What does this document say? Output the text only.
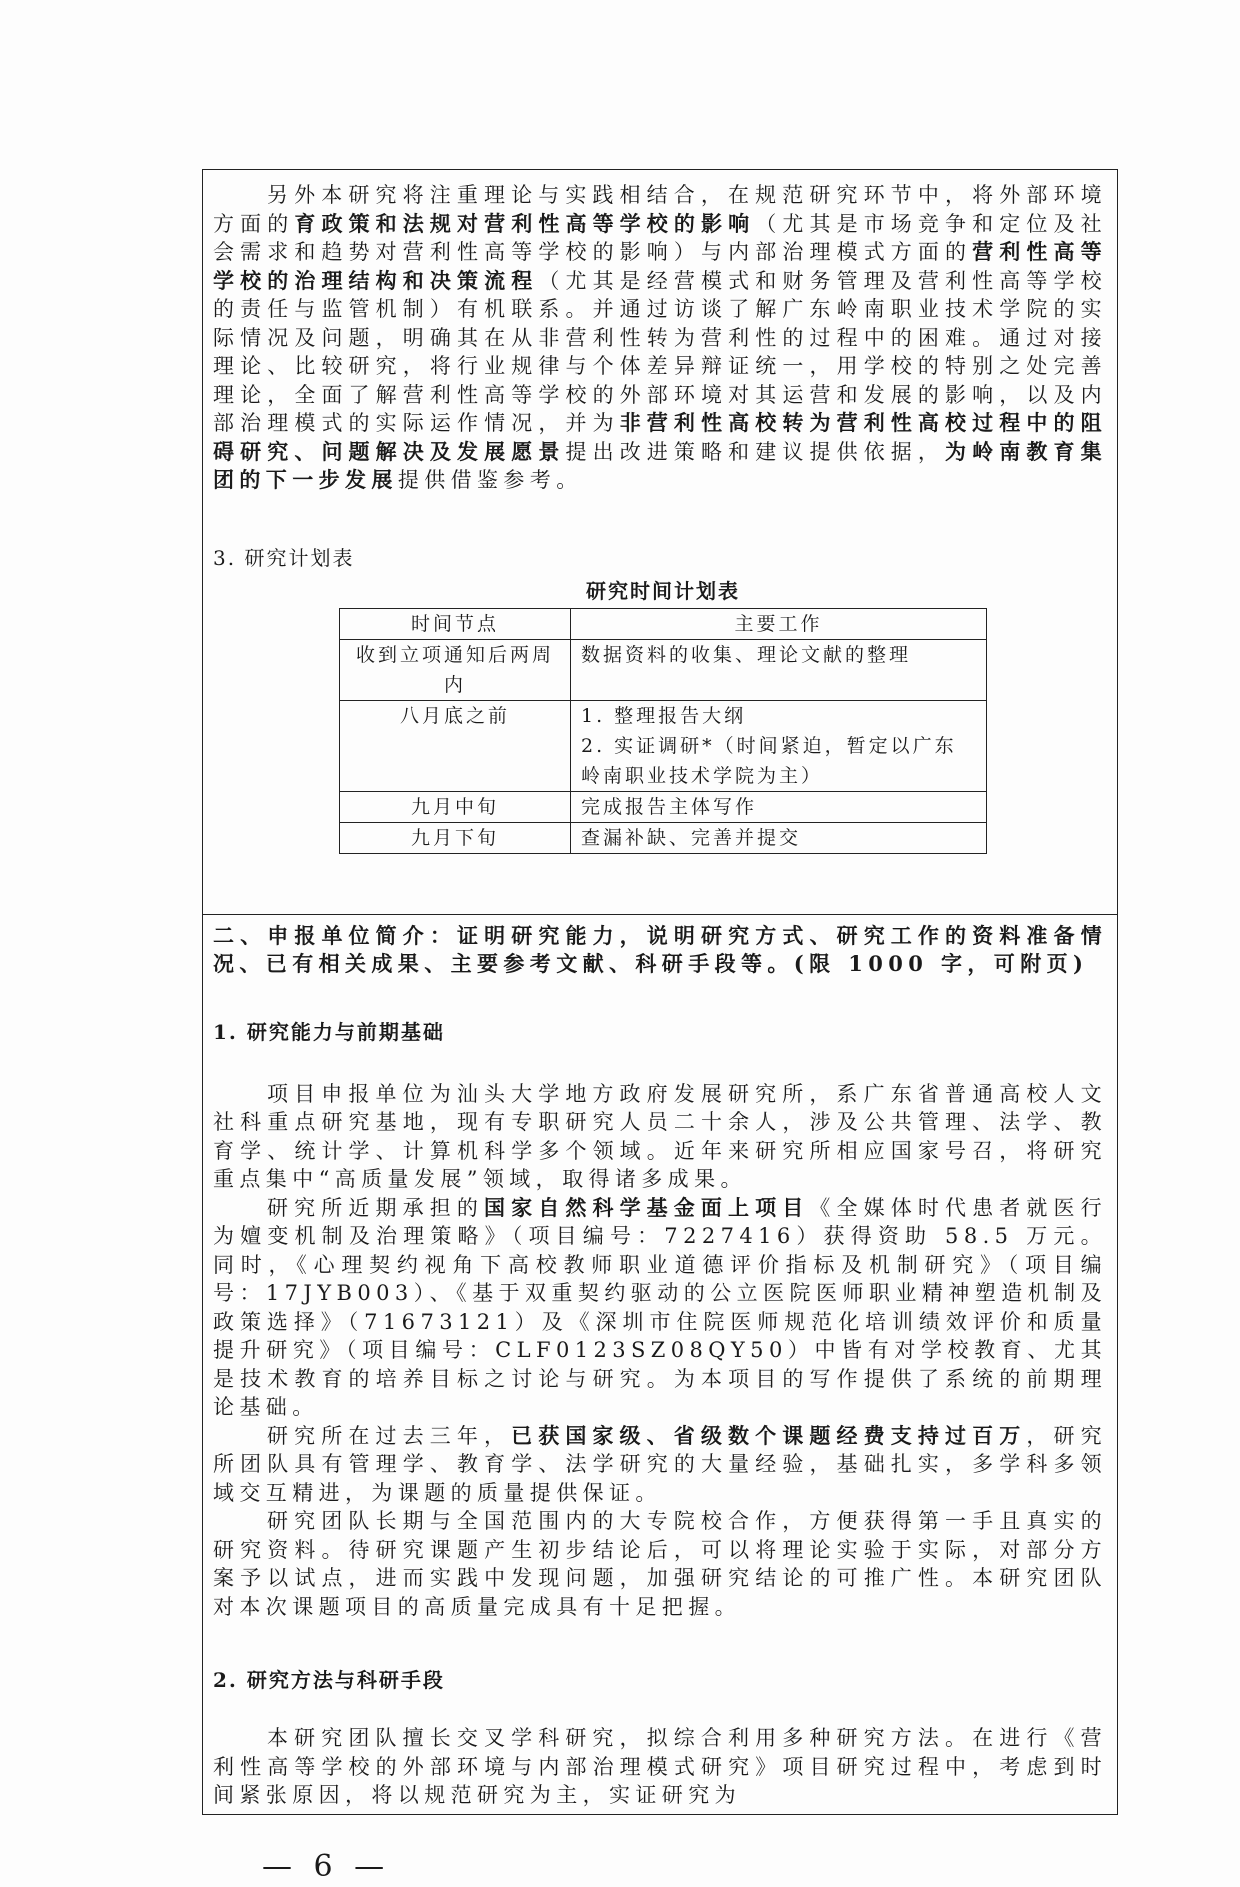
另外本研究将注重理论与实践相结合，在规范研究环节中，将外部环境方面的育政策和法规对营利性高等学校的影响（尤其是市场竞争和定位及社会需求和趋势对营利性高等学校的影响）与内部治理模式方面的营利性高等学校的治理结构和决策流程（尤其是经营模式和财务管理及营利性高等学校的责任与监管机制）有机联系。并通过访谈了解广东岭南职业技术学院的实际情况及问题，明确其在从非营利性转为营利性的过程中的困难。通过对接理论、比较研究，将行业规律与个体差异辩证统一，用学校的特别之处完善理论，全面了解营利性高等学校的外部环境对其运营和发展的影响，以及内部治理模式的实际运作情况，并为非营利性高校转为营利性高校过程中的阻碍研究、问题解决及发展愿景提出改进策略和建议提供依据，为岭南教育集团的下一步发展提供借鉴参考。

3. 研究计划表
研究时间计划表
时间节点	主要工作
收到立项通知后两周内	数据资料的收集、理论文献的整理

八月底之前	1. 整理报告大纲
2. 实证调研*（时间紧迫，暂定以广东岭南职业技术学院为主）

九月中旬	完成报告主体写作

九月下旬	查漏补缺、完善并提交
二、申报单位简介：证明研究能力，说明研究方式、研究工作的资料准备情况、已有相关成果、主要参考文献、科研手段等。(限 1000 字，可附页)
1. 研究能力与前期基础

项目申报单位为汕头大学地方政府发展研究所，系广东省普通高校人文社科重点研究基地，现有专职研究人员二十余人，涉及公共管理、法学、教育学、统计学、计算机科学多个领域。近年来研究所相应国家号召，将研究重点集中“高质量发展”领域，取得诸多成果。

研究所近期承担的国家自然科学基金面上项目《全媒体时代患者就医行为嬗变机制及治理策略》（项目编号：7227416）获得资助 58.5 万元。同时，《心理契约视角下高校教师职业道德评价指标及机制研究》（项目编号：17JYB003）、《基于双重契约驱动的公立医院医师职业精神塑造机制及政策选择》（71673121）及《深圳市住院医师规范化培训绩效评价和质量提升研究》（项目编号：CLF0123SZ08QY50）中皆有对学校教育、尤其是技术教育的培养目标之讨论与研究。为本项目的写作提供了系统的前期理论基础。

研究所在过去三年，已获国家级、省级数个课题经费支持过百万，研究所团队具有管理学、教育学、法学研究的大量经验，基础扎实，多学科多领域交互精进，为课题的质量提供保证。

研究团队长期与全国范围内的大专院校合作，方便获得第一手且真实的研究资料。待研究课题产生初步结论后，可以将理论实验于实际，对部分方案予以试点，进而实践中发现问题，加强研究结论的可推广性。本研究团队对本次课题项目的高质量完成具有十足把握。

2. 研究方法与科研手段

本研究团队擅长交叉学科研究，拟综合利用多种研究方法。在进行《营利性高等学校的外部环境与内部治理模式研究》项目研究过程中，考虑到时间紧张原因，将以规范研究为主，实证研究为

— 6 —
